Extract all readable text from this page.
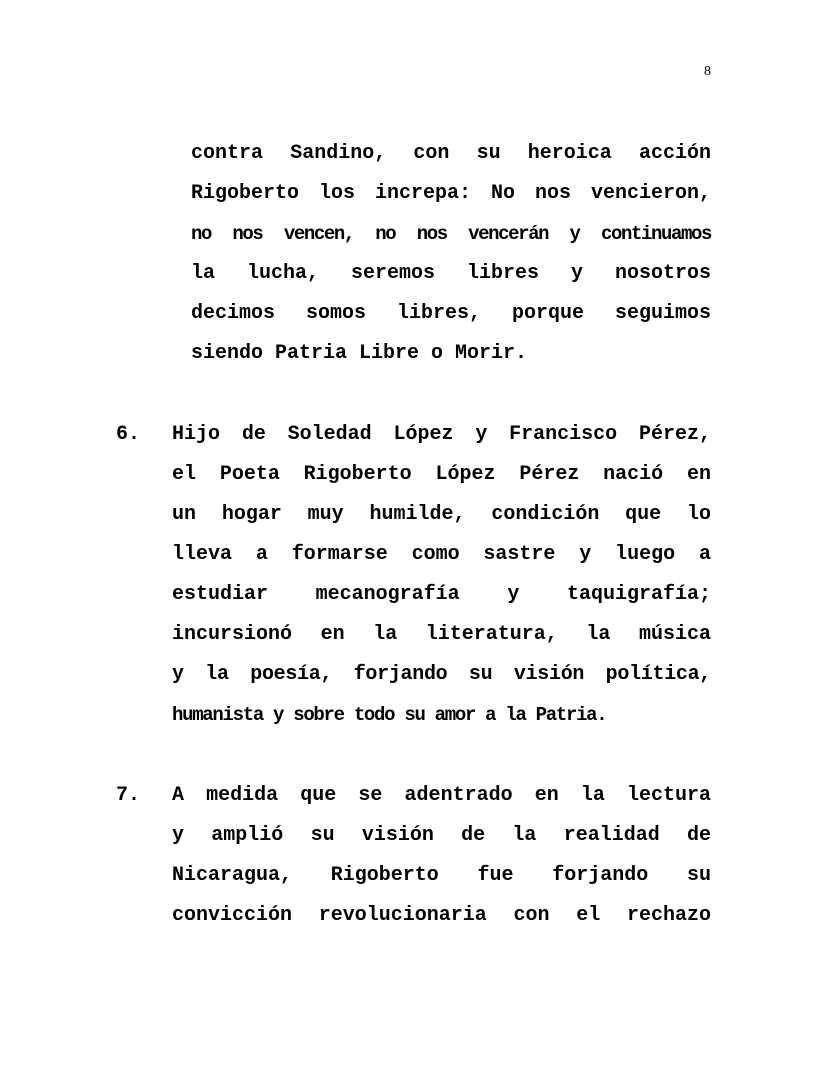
8
contra Sandino, con su heroica acción
Rigoberto los increpa: No nos vencieron,
no nos vencen, no nos vencerán y continuamos
la lucha, seremos libres y nosotros
decimos somos libres, porque seguimos
siendo Patria Libre o Morir.
6. Hijo de Soledad López y Francisco Pérez,
el Poeta Rigoberto López Pérez nació en
un hogar muy humilde, condición que lo
lleva a formarse como sastre y luego a
estudiar mecanografía y taquigrafía;
incursionó en la literatura, la música
y la poesía, forjando su visión política,
humanista y sobre todo su amor a la Patria.
7. A medida que se adentrado en la lectura
y amplió su visión de la realidad de
Nicaragua, Rigoberto fue forjando su
convicción revolucionaria con el rechazo
